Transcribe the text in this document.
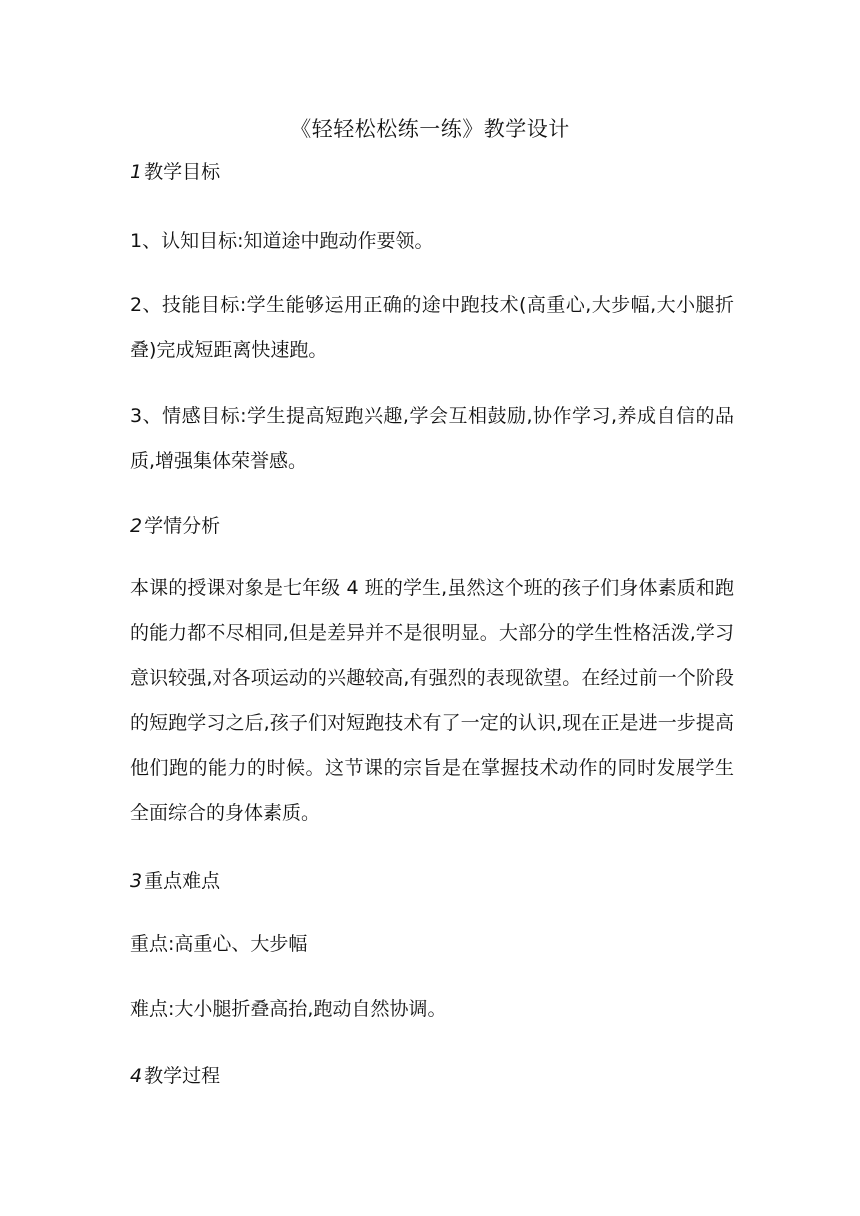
《轻轻松松练一练》教学设计
1 教学目标
1、认知目标:知道途中跑动作要领。
2、技能目标:学生能够运用正确的途中跑技术(高重心,大步幅,大小腿折叠)完成短距离快速跑。
3、情感目标:学生提高短跑兴趣,学会互相鼓励,协作学习,养成自信的品质,增强集体荣誉感。
2 学情分析
本课的授课对象是七年级 4 班的学生,虽然这个班的孩子们身体素质和跑的能力都不尽相同,但是差异并不是很明显。大部分的学生性格活泼,学习意识较强,对各项运动的兴趣较高,有强烈的表现欲望。在经过前一个阶段的短跑学习之后,孩子们对短跑技术有了一定的认识,现在正是进一步提高他们跑的能力的时候。这节课的宗旨是在掌握技术动作的同时发展学生全面综合的身体素质。
3 重点难点
重点:高重心、大步幅
难点:大小腿折叠高抬,跑动自然协调。
4 教学过程
